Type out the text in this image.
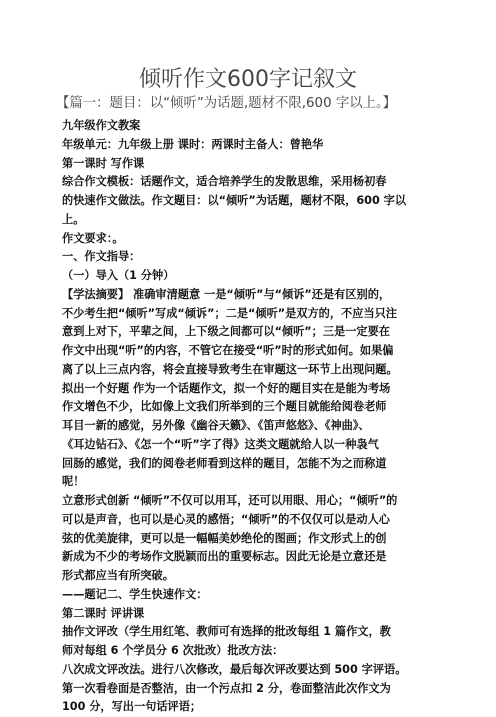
倾听作文600字记叙文
【篇一：题目：以“倾听”为话题,题材不限,600 字以上。】
九年级作文教案
年级单元：九年级上册 课时：两课时主备人：曾艳华
第一课时 写作课
综合作文模板：话题作文，适合培养学生的发散思维，采用杨初春
的快速作文做法。作文题目：以“倾听”为话题，题材不限，600 字以
上。
作文要求：。
一、作文指导：
（一）导入（1 分钟）
【学法摘要】 准确审清题意 一是“倾听”与“倾诉”还是有区别的，
不少考生把“倾听”写成“倾诉”；二是“倾听”是双方的，不应当只注
意到上对下，平辈之间，上下级之间都可以“倾听”；三是一定要在
作文中出现“听”的内容，不管它在接受“听”时的形式如何。如果偏
离了以上三点内容，将会直接导致考生在审题这一环节上出现问题。
拟出一个好题 作为一个话题作文，拟一个好的题目实在是能为考场
作文增色不少，比如像上文我们所举到的三个题目就能给阅卷老师
耳目一新的感觉，另外像《幽谷天籁》、《笛声悠悠》、《神曲》、
《耳边钻石》、《怎一个“听”字了得》这类文题就给人以一种袅气
回肠的感觉，我们的阅卷老师看到这样的题目，怎能不为之而称道
呢！
立意形式创新 “倾听”不仅可以用耳，还可以用眼、用心；“倾听”的
可以是声音，也可以是心灵的感悟；“倾听”的不仅仅可以是动人心
弦的优美旋律，更可以是一幅幅美妙绝伦的图画；作文形式上的创
新成为不少的考场作文脱颖而出的重要标志。因此无论是立意还是
形式都应当有所突破。
——题记二、学生快速作文：
第二课时 评讲课
抽作文评改（学生用红笔、教师可有选择的批改每组 1 篇作文，教
师对每组 6 个学员分 6 次批改）批改方法：
八次成文评改法。进行八次修改，最后每次评改要达到 500 字评语。
第一次看卷面是否整洁，由一个污点扣 2 分，卷面整洁此次作文为
100 分，写出一句话评语；
